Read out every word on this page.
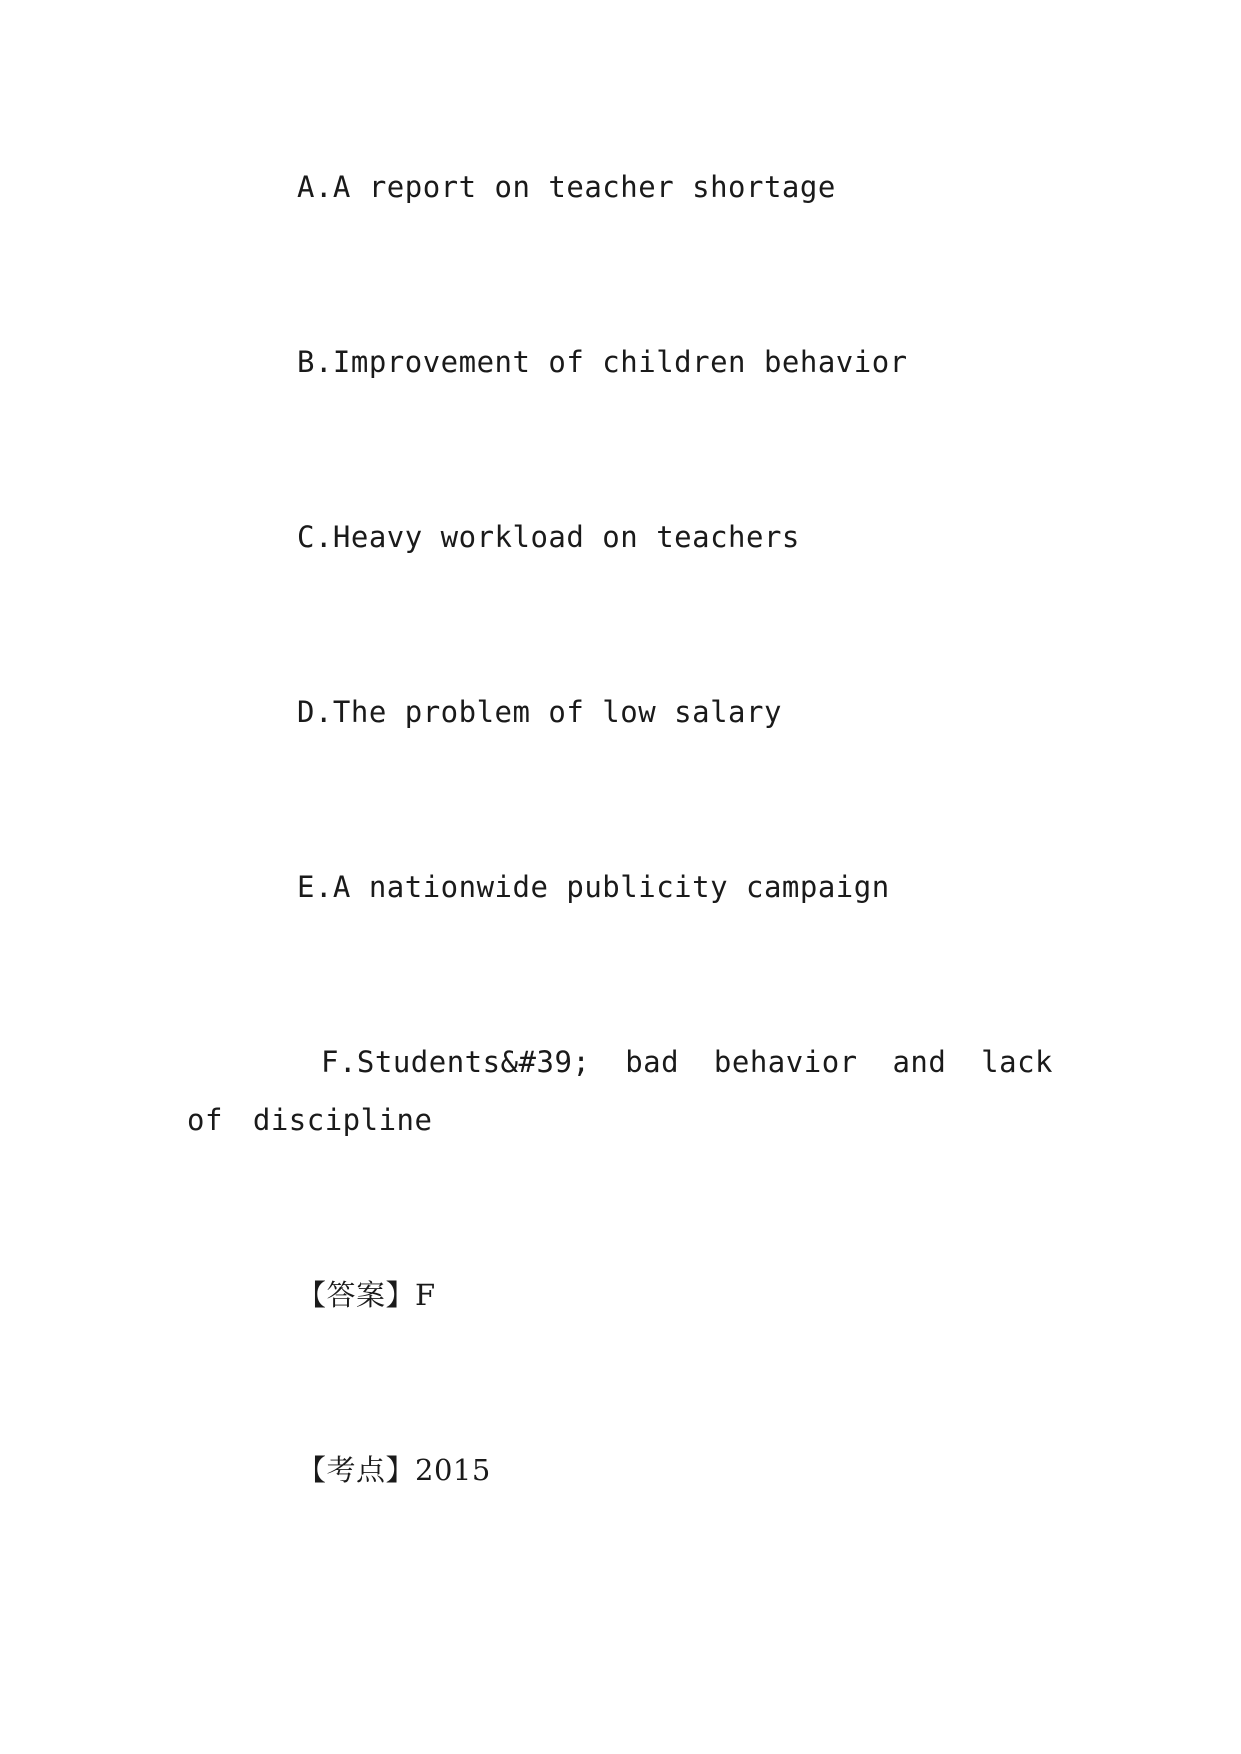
A.A report on teacher shortage
B.Improvement of children behavior
C.Heavy workload on teachers
D.The problem of low salary
E.A nationwide publicity campaign

F.Students&#39; bad behavior and lack of discipline

【答案】F
【考点】2015
